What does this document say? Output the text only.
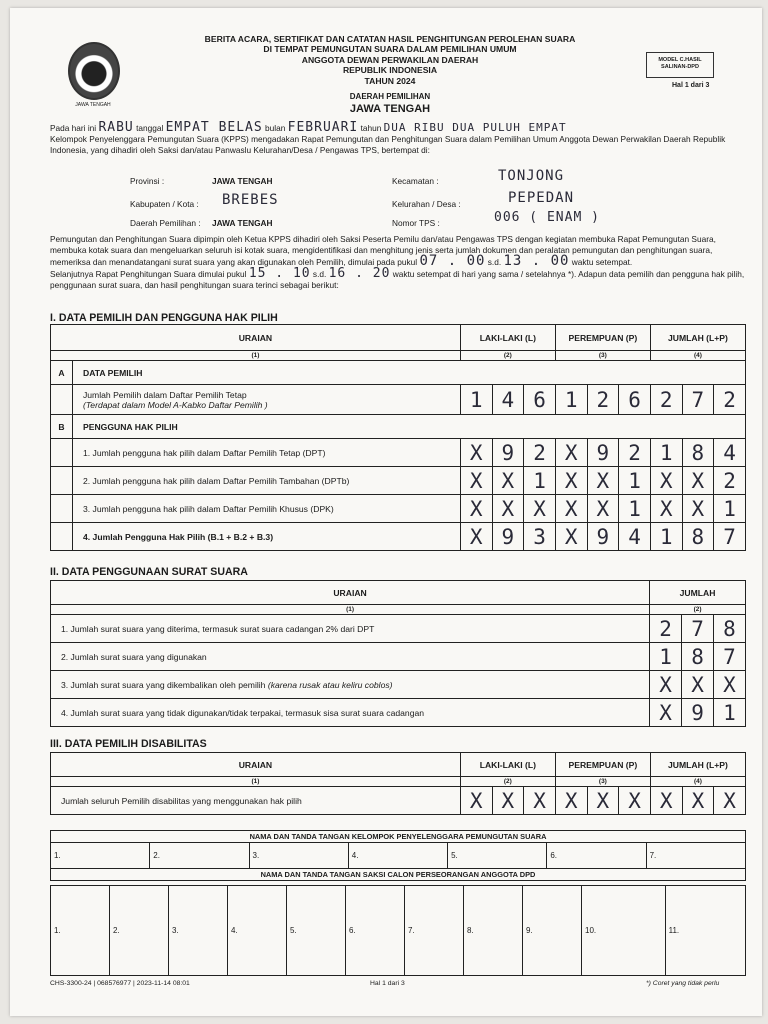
JAWA TENGAH
BERITA ACARA, SERTIFIKAT DAN CATATAN HASIL PENGHITUNGAN PEROLEHAN SUARA
DI TEMPAT PEMUNGUTAN SUARA DALAM PEMILIHAN UMUM
ANGGOTA DEWAN PERWAKILAN DAERAH
REPUBLIK INDONESIA
TAHUN 2024
MODEL C.HASIL
SALINAN-DPD
Hal 1 dari 3
DAERAH PEMILIHAN
JAWA TENGAH
Pada hari ini RABU tanggal EMPAT BELAS bulan FEBRUARI tahun DUA RIBU DUA PULUH EMPAT
Kelompok Penyelenggara Pemungutan Suara (KPPS) mengadakan Rapat Pemungutan dan Penghitungan Suara dalam Pemilihan Umum Anggota Dewan Perwakilan Daerah Republik Indonesia, yang dihadiri oleh Saksi dan/atau Panwaslu Kelurahan/Desa / Pengawas TPS, bertempat di:
Provinsi :	JAWA TENGAH
Kabupaten / Kota : BREBES
Daerah Pemilihan : JAWA TENGAH
Kecamatan :	TONJONG
Kelurahan / Desa :	PEPEDAN
Nomor TPS :	006 ( ENAM )
Pemungutan dan Penghitungan Suara dipimpin oleh Ketua KPPS dihadiri oleh Saksi Peserta Pemilu dan/atau Pengawas TPS dengan kegiatan membuka Rapat Pemungutan Suara, membuka kotak suara dan mengeluarkan seluruh isi kotak suara, mengidentifikasi dan menghitung jenis serta jumlah dokumen dan peralatan pemungutan dan penghitungan suara, memeriksa dan menandatangani surat suara yang akan digunakan oleh Pemilih, dimulai pada pukul 07 . 00 s.d. 13 . 00 waktu setempat.
Selanjutnya Rapat Penghitungan Suara dimulai pukul 15 . 10 s.d. 16 . 20 waktu setempat di hari yang sama / setelahnya *). Adapun data pemilih dan pengguna hak pilih, penggunaan surat suara, dan hasil penghitungan suara terinci sebagai berikut:
I. DATA PEMILIH DAN PENGGUNA HAK PILIH
URAIAN		LAKI-LAKI (L)			PEREMPUAN (P)			JUMLAH (L+P)		
(1)		(2)			(3)			(4)		
A	DATA PEMILIH									

	Jumlah Pemilih dalam Daftar Pemilih Tetap
(Terdapat dalam Model A-Kabko Daftar Pemilih )	1	4	6	1	2	6	2	7	2
B	PENGGUNA HAK PILIH									
	1. Jumlah pengguna hak pilih dalam Daftar Pemilih Tetap (DPT)	X	9	2	X	9	2	1	8	4
	2. Jumlah pengguna hak pilih dalam Daftar Pemilih Tambahan (DPTb)	X	X	1	X	X	1	X	X	2
	3. Jumlah pengguna hak pilih dalam Daftar Pemilih Khusus (DPK)	X	X	X	X	X	1	X	X	1
	4. Jumlah Pengguna Hak Pilih (B.1 + B.2 + B.3)	X	9	3	X	9	4	1	8	7
II. DATA PENGGUNAAN SURAT SUARA
URAIAN	JUMLAH		
(1)	(2)		
1. Jumlah surat suara yang diterima, termasuk surat suara cadangan 2% dari DPT	2	7	8
2. Jumlah surat suara yang digunakan	1	8	7
3. Jumlah surat suara yang dikembalikan oleh pemilih (karena rusak atau keliru coblos)	X	X	X
4. Jumlah surat suara yang tidak digunakan/tidak terpakai, termasuk sisa surat suara cadangan	X	9	1
III. DATA PEMILIH DISABILITAS
URAIAN	LAKI-LAKI (L)			PEREMPUAN (P)			JUMLAH (L+P)		
(1)	(2)			(3)			(4)		
Jumlah seluruh Pemilih disabilitas yang menggunakan hak pilih	X	X	X	X	X	X	X	X	X
NAMA DAN TANDA TANGAN KELOMPOK PENYELENGGARA PEMUNGUTAN SUARA
1.	2.	3.	4.	5.	6.	7.
NAMA DAN TANDA TANGAN SAKSI CALON PERSEORANGAN ANGGOTA DPD
1.	2.	3.	4.	5.	6.	7.	8.	9.	10.	11.
CHS-3300-24 | 068576977 | 2023-11-14 08:01	Hal 1 dari 3	*) Coret yang tidak perlu
